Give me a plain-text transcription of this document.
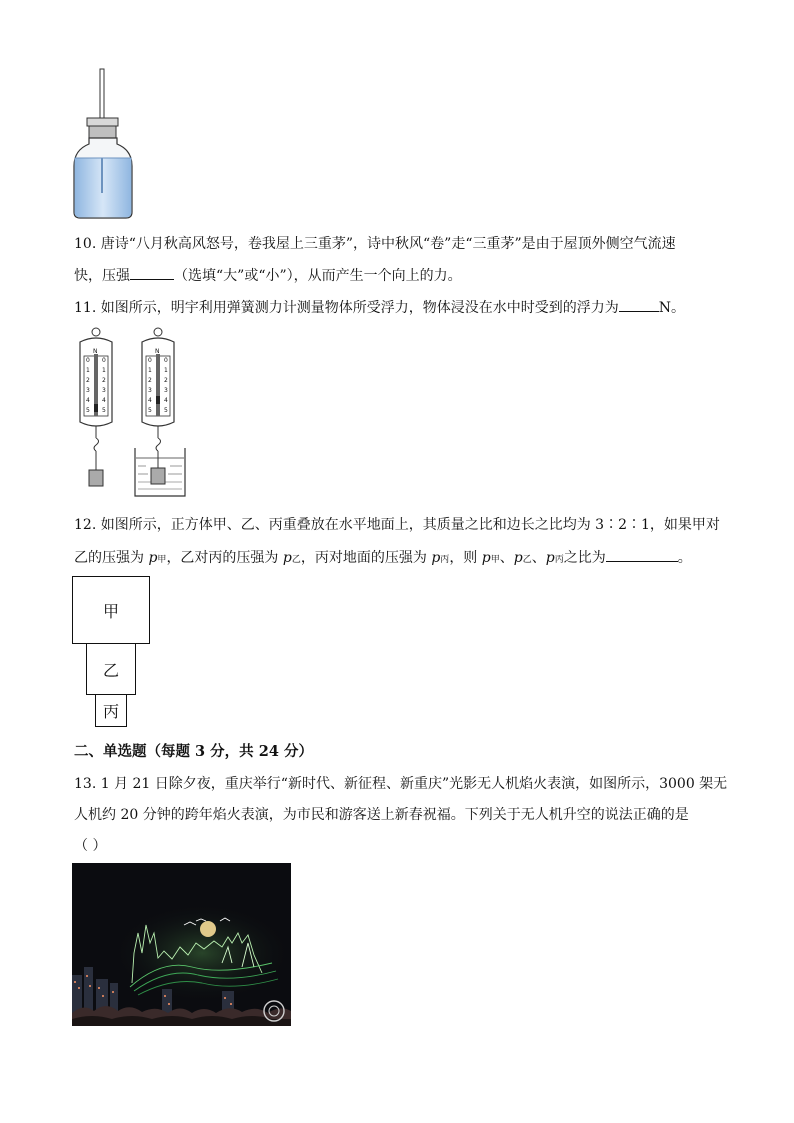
10. 唐诗“八月秋高风怒号，卷我屋上三重茅”，诗中秋风“卷”走“三重茅”是由于屋顶外侧空气流速
快，压强	（选填“大”或“小”），从而产生一个向上的力。
11. 如图所示，明宇利用弹簧测力计测量物体所受浮力，物体浸没在水中时受到的浮力为	N。
N
0 0
1 1
2 2
3 3
4 4
5 5
N
0 0
1 1
2 2
3 3
4 4
5 5
12. 如图所示，正方体甲、乙、丙重叠放在水平地面上，其质量之比和边长之比均为 3∶2∶1，如果甲对
乙的压强为 p甲，乙对丙的压强为 p乙，丙对地面的压强为 p丙，则 p甲、p乙、p丙之比为	。
甲
乙
丙
二、单选题（每题 3 分，共 24 分）
13. 1 月 21 日除夕夜，重庆举行“新时代、新征程、新重庆”光影无人机焰火表演，如图所示，3000 架无
人机约 20 分钟的跨年焰火表演，为市民和游客送上新春祝福。下列关于无人机升空的说法正确的是
（ ）
